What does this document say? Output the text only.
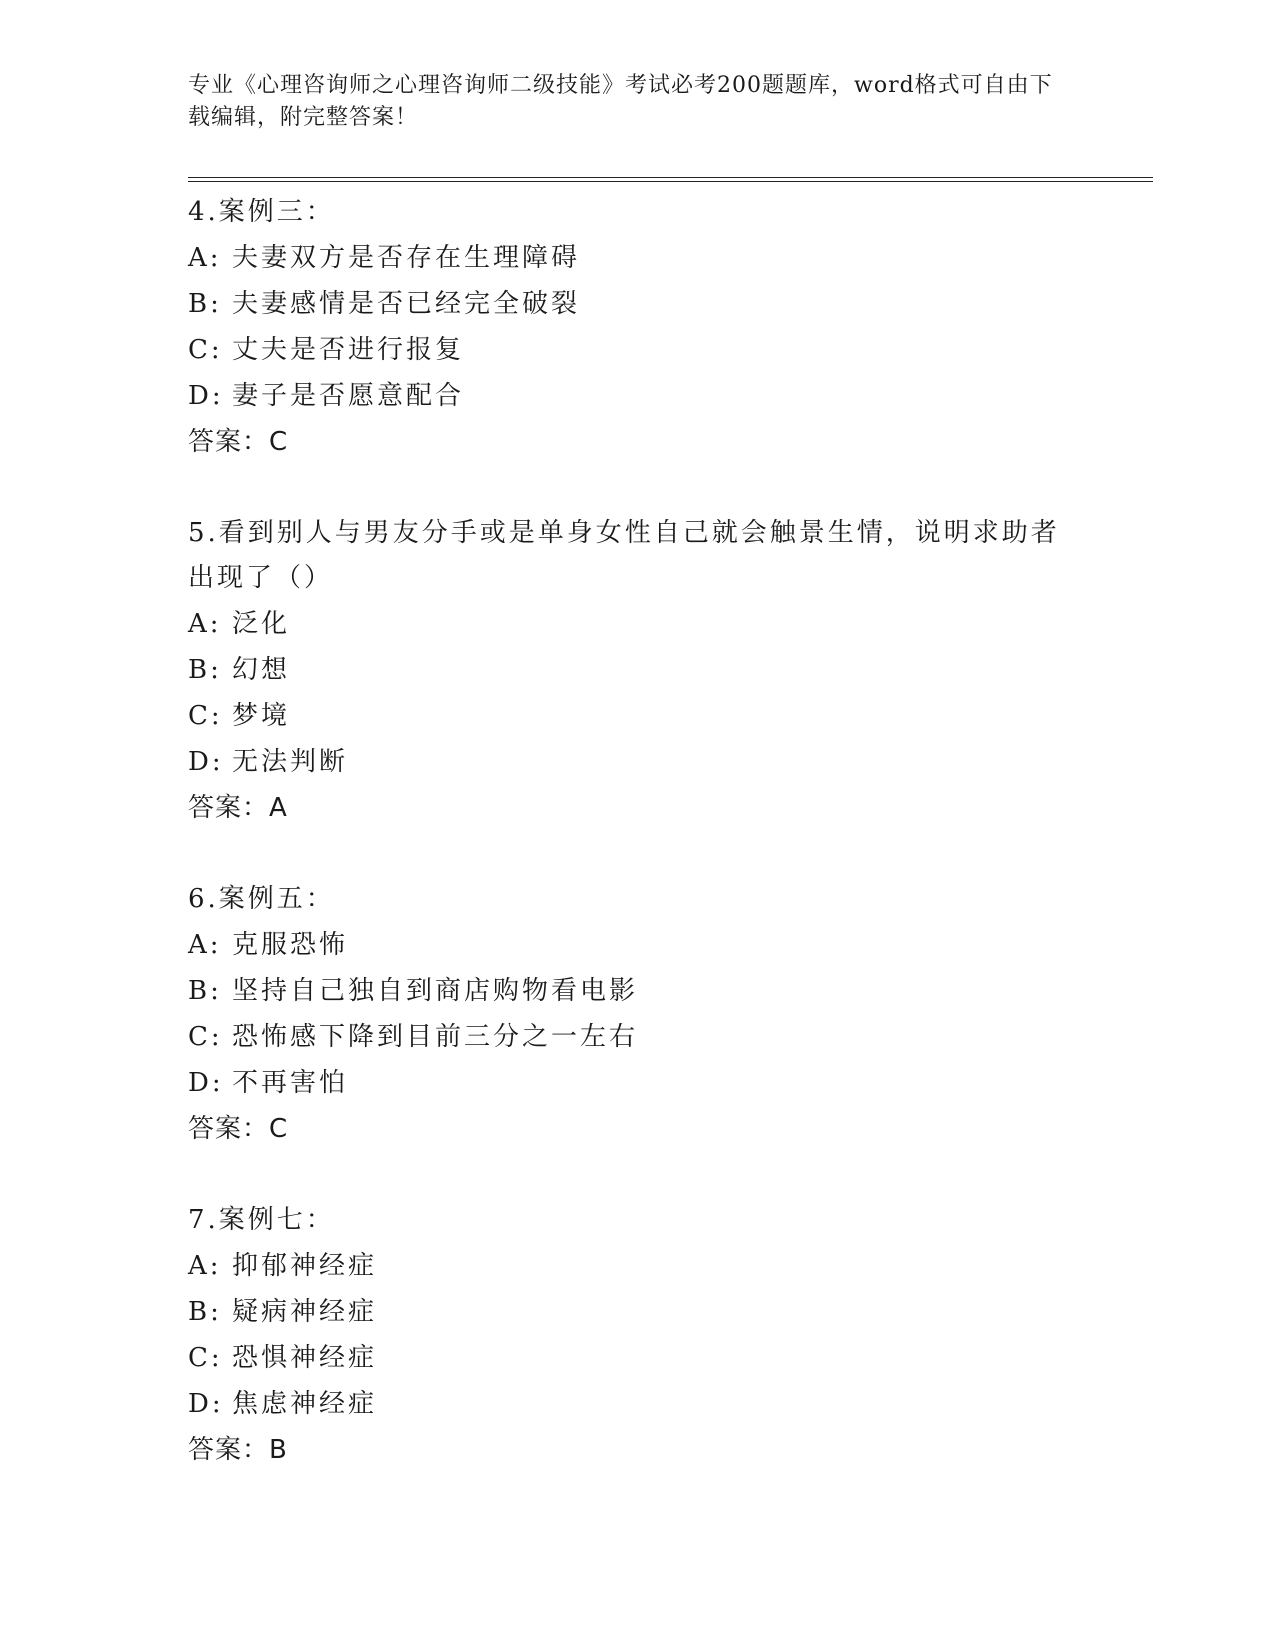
专业《心理咨询师之心理咨询师二级技能》考试必考200题题库，word格式可自由下载编辑，附完整答案！
4.案例三：
A: 夫妻双方是否存在生理障碍
B: 夫妻感情是否已经完全破裂
C: 丈夫是否进行报复
D: 妻子是否愿意配合
答案：C
5.看到别人与男友分手或是单身女性自己就会触景生情，说明求助者出现了（）
A: 泛化
B: 幻想
C: 梦境
D: 无法判断
答案：A
6.案例五：
A: 克服恐怖
B: 坚持自己独自到商店购物看电影
C: 恐怖感下降到目前三分之一左右
D: 不再害怕
答案：C
7.案例七：
A: 抑郁神经症
B: 疑病神经症
C: 恐惧神经症
D: 焦虑神经症
答案：B
